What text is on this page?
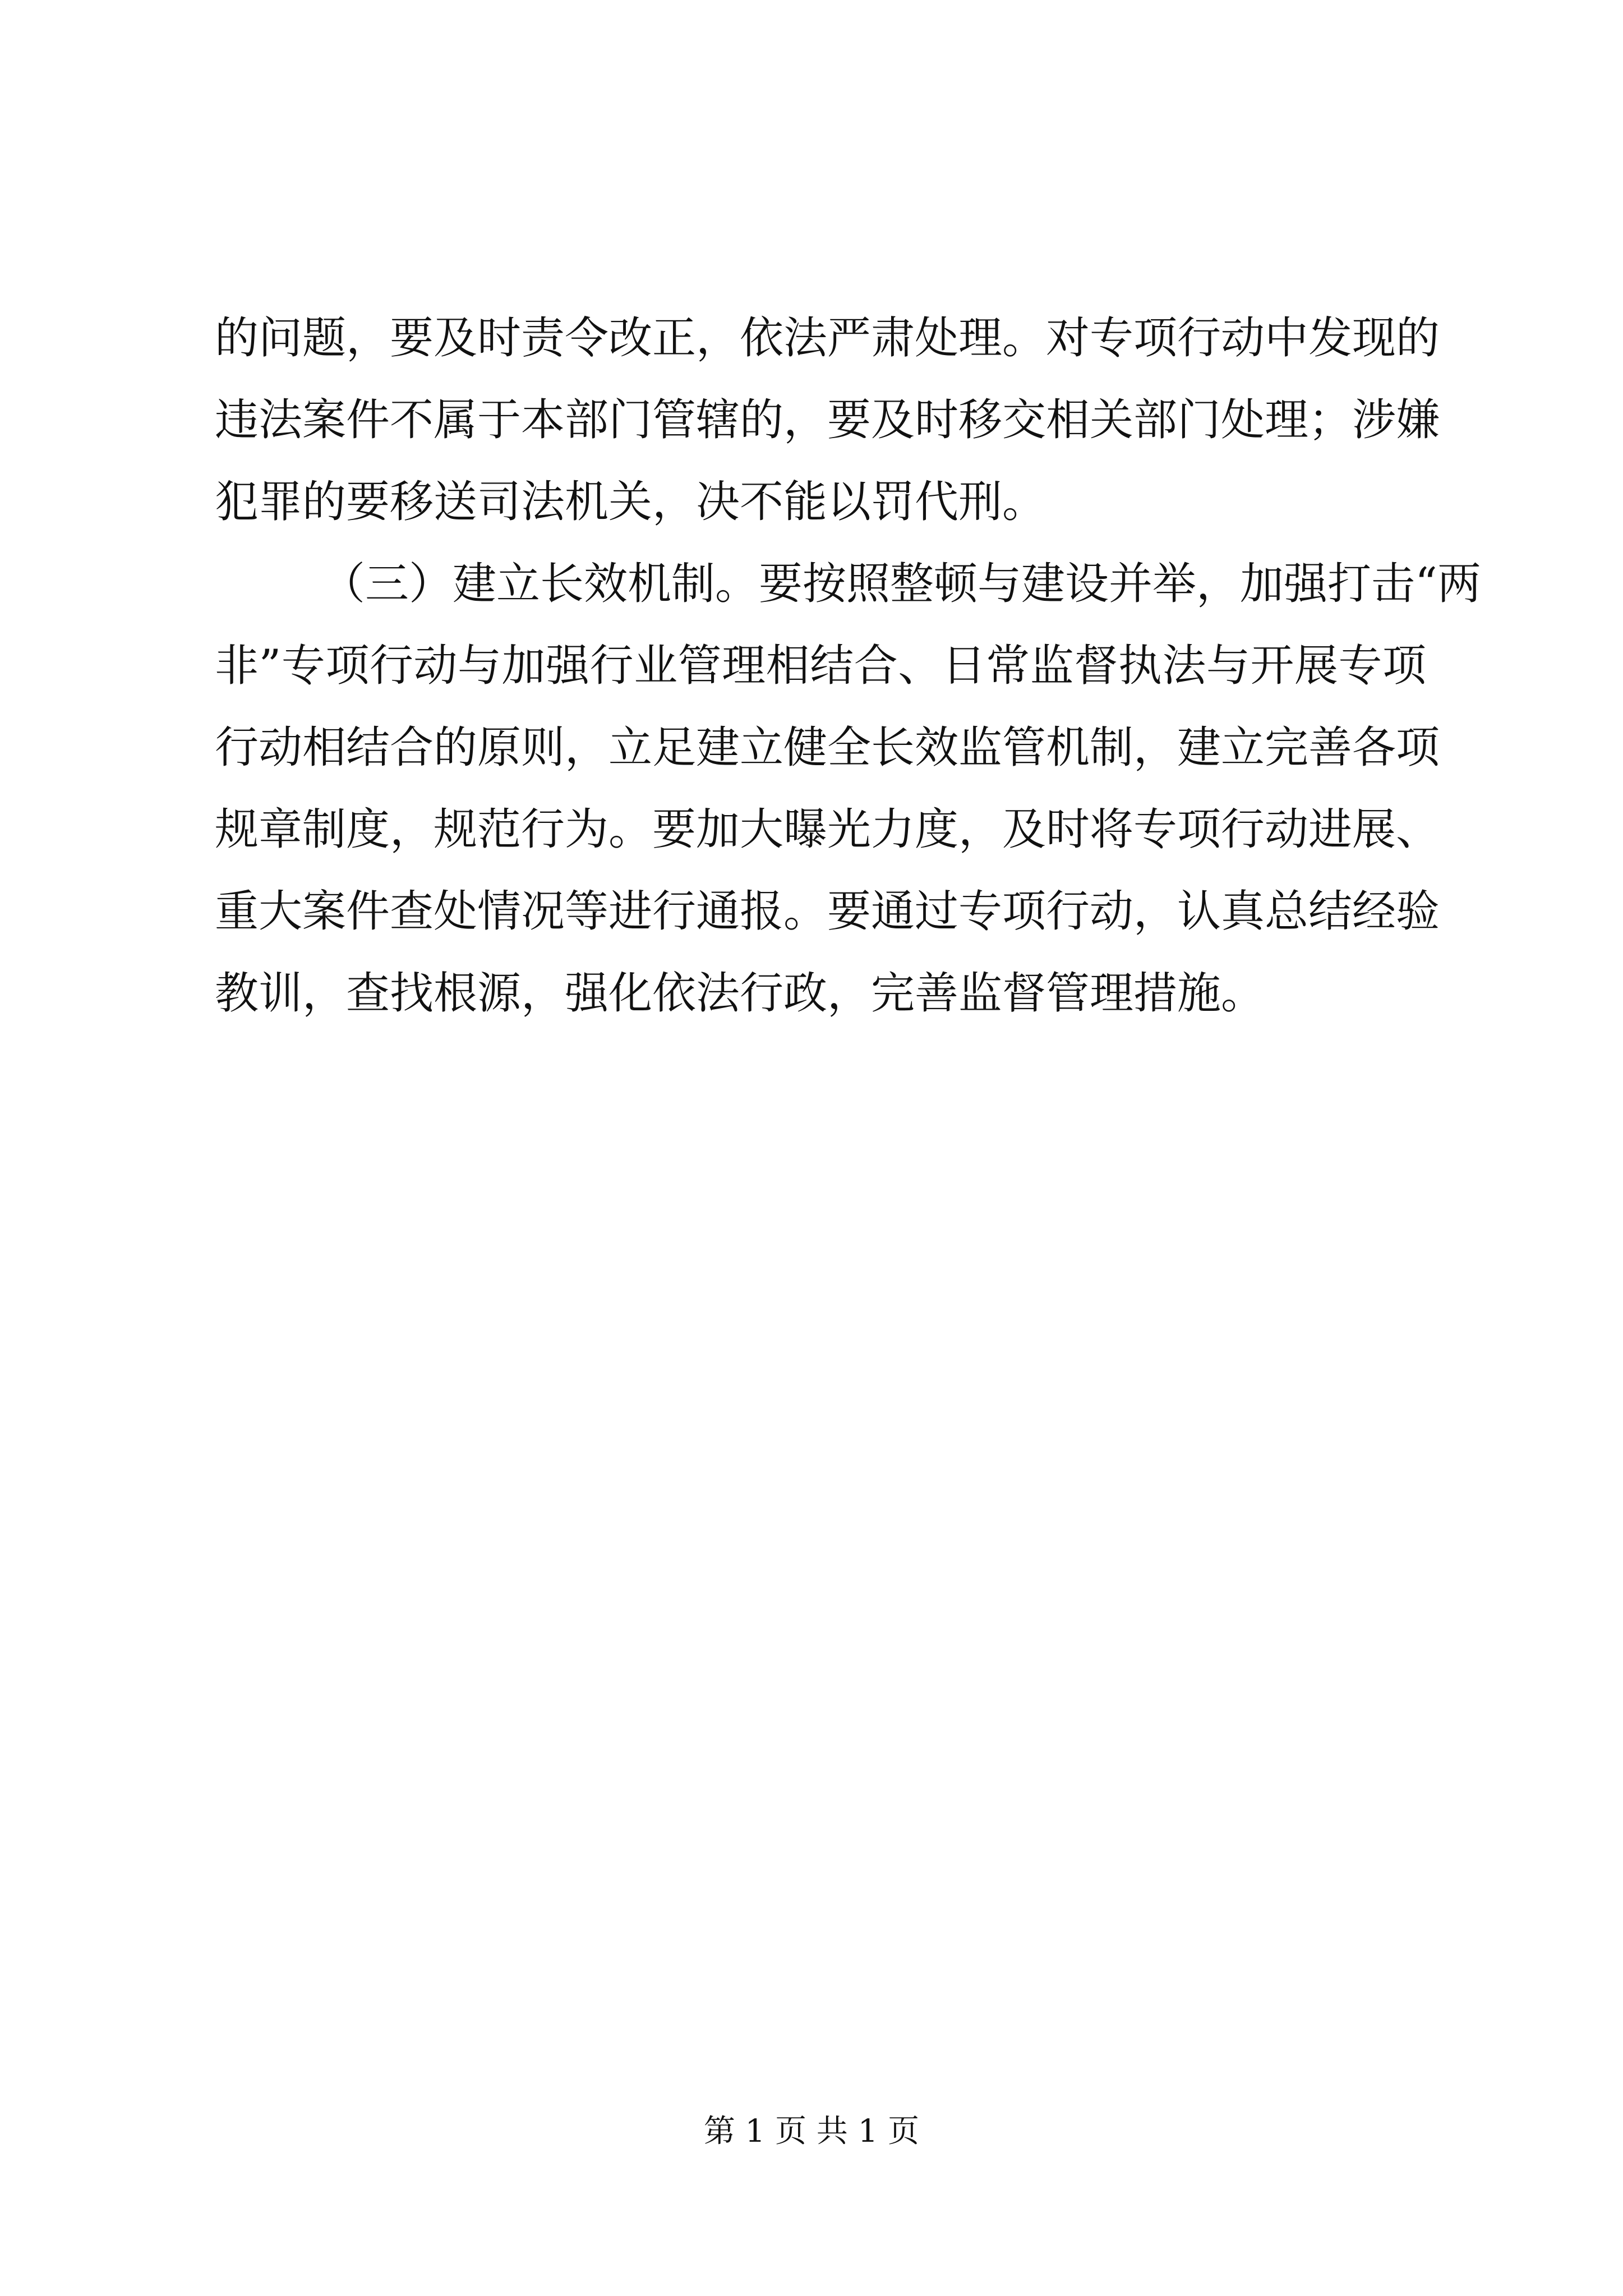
的问题，要及时责令改正，依法严肃处理。对专项行动中发现的
违法案件不属于本部门管辖的，要及时移交相关部门处理；涉嫌
犯罪的要移送司法机关，决不能以罚代刑。
（三）建立长效机制。要按照整顿与建设并举，加强打击“两
非”专项行动与加强行业管理相结合、日常监督执法与开展专项
行动相结合的原则，立足建立健全长效监管机制，建立完善各项
规章制度，规范行为。要加大曝光力度，及时将专项行动进展、
重大案件查处情况等进行通报。要通过专项行动，认真总结经验
教训，查找根源，强化依法行政，完善监督管理措施。
第 1 页 共 1 页
